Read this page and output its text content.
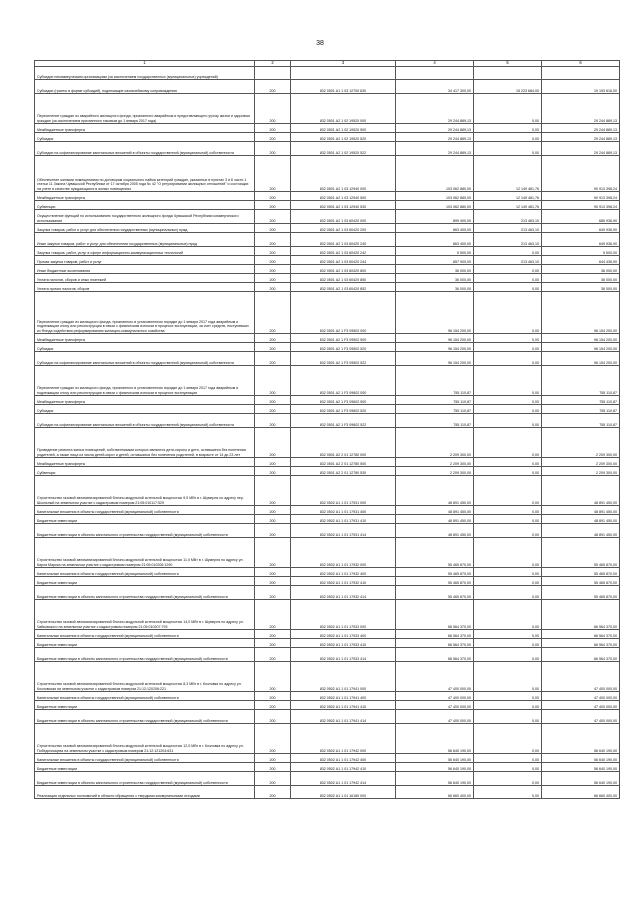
38
1	2	3	4	5	6
Субсидии некоммерческим организациям (за исключением государственных (муниципальных) учреждений)					
Субсидии (гранты в форме субсидий), подлежащие казначейскому сопровождению	200	832 0501 А1 1 03 12700 630	34 417 300,00	15 223 684,00	19 193 616,00
Переселение граждан из аварийного жилищного фонда, признанного аварийным и представляющего угрозу жизни и здоровью граждан (за исключением признанного таковым до 1 января 2017 года)	200	832 0501 А2 1 02 19520 000	29 244 889,13	0,00	29 244 889,13
Межбюджетные трансферты	200	832 0501 А2 1 02 19520 500	29 244 889,13	0,00	29 244 889,13
Субсидии	200	832 0501 А2 1 02 19520 520	29 244 889,13	0,00	29 244 889,13
Субсидии на софинансирование капитальных вложений в объекты государственной (муниципальной) собственности	200	832 0501 А2 1 02 19520 522	29 244 889,13	0,00	29 244 889,13
Обеспечение жилыми помещениями по договорам социального найма категорий граждан, указанных в пунктах 3 и 6 части 1 статьи 11 Закона Чувашской Республики от 17 октября 2005 года № 42 "О регулировании жилищных отношений" и состоящих на учете в качестве нуждающихся в жилых помещениях	200	832 0501 А2 1 03 12940 000	103 062 880,00	12 149 481,76	90 913 398,24
Межбюджетные трансферты	200	832 0501 А2 1 03 12940 500	103 062 880,00	12 149 481,76	90 913 398,24
Субвенции	200	832 0501 А2 1 03 12940 530	103 062 880,00	12 149 481,76	90 913 398,24
Осуществление функций по использованию государственного жилищного фонда Чувашской Республики коммерческого использования	200	832 0501 А2 1 03 60420 000	899 400,00	213 463,10	685 936,90
Закупка товаров, работ и услуг для обеспечения государственных (муниципальных) нужд	200	832 0501 А2 1 03 60420 200	863 400,00	213 463,10	649 936,90
Иные закупки товаров, работ и услуг для обеспечения государственных (муниципальных) нужд	200	832 0501 А2 1 03 60420 240	863 400,00	213 463,10	649 936,90
Закупка товаров, работ, услуг в сфере информационно-коммуникационных технологий	200	832 0501 А2 1 03 60420 242	5 500,00	0,00	5 500,00
Прочая закупка товаров, работ и услуг	200	832 0501 А2 1 03 60420 244	857 900,00	213 463,10	644 436,90
Иные бюджетные ассигнования	200	832 0501 А2 1 03 60420 800	36 000,00	0,00	36 000,00
Уплата налогов, сборов и иных платежей	200	832 0501 А2 1 03 60420 850	36 000,00	0,00	36 000,00
Уплата прочих налогов, сборов	200	832 0501 А2 1 03 60420 852	36 000,00	0,00	36 000,00
Переселение граждан из жилищного фонда, признанного в установленном порядке до 1 января 2017 года аварийным и подлежащим сносу или реконструкции в связи с физическим износом в процессе эксплуатации, за счет средств, поступивших из Фонда содействия реформированию жилищно-коммунального хозяйства	200	832 0501 А2 1 F3 09502 000	96 154 200,00	0,00	96 154 200,00
Межбюджетные трансферты	200	832 0501 А2 1 F3 09502 500	96 154 200,00	0,00	96 154 200,00
Субсидии	200	832 0501 А2 1 F3 09502 520	96 154 200,00	0,00	96 154 200,00
Субсидии на софинансирование капитальных вложений в объекты государственной (муниципальной) собственности	200	832 0501 А2 1 F3 09502 522	96 154 200,00	0,00	96 154 200,00
Переселение граждан из жилищного фонда, признанного в установленном порядке до 1 января 2017 года аварийным и подлежащим сносу или реконструкции в связи с физическим износом в процессе эксплуатации	200	832 0501 А2 1 F3 09602 000	755 110,87	0,00	755 110,87
Межбюджетные трансферты	200	832 0501 А2 1 F3 09602 500	755 110,87	0,00	755 110,87
Субсидии	200	832 0501 А2 1 F3 09602 520	755 110,87	0,00	755 110,87
Субсидии на софинансирование капитальных вложений в объекты государственной (муниципальной) собственности	200	832 0501 А2 1 F3 09602 522	755 110,87	0,00	755 110,87
Проведение ремонта жилых помещений, собственниками которых являются дети-сироты и дети, оставшиеся без попечения родителей, а также лица из числа детей-сирот и детей, оставшихся без попечения родителей, в возрасте от 14 до 23 лет	200	832 0501 А2 2 01 12780 000	2 209 300,00	0,00	2 209 300,00
Межбюджетные трансферты	200	832 0501 А2 2 01 12780 500	2 209 300,00	0,00	2 209 300,00
Субвенции	200	832 0501 А2 2 01 12780 530	2 209 300,00	0,00	2 209 300,00
Строительство газовой автоматизированной блочно-модульной котельной мощностью 9,5 МВт в г. Шумерля по адресу пер. Школьный на земельном участке с кадастровым номером 21:05:010117:529	200	832 0502 А1 1 01 17931 000	48 891 450,00	0,00	48 891 450,00
Капитальные вложения в объекты государственной (муниципальной) собственности	200	832 0502 А1 1 01 17931 400	48 891 450,00	0,00	48 891 450,00
Бюджетные инвестиции	200	832 0502 А1 1 01 17931 410	48 891 450,00	0,00	48 891 450,00
Бюджетные инвестиции в объекты капитального строительства государственной (муниципальной) собственности	200	832 0502 А1 1 01 17931 414	48 891 450,00	0,00	48 891 450,00
Строительство газовой автоматизированной блочно-модульной котельной мощностью 11,0 МВт в г. Шумерля по адресу ул. Карла Маркса на земельном участке с кадастровым номером 21:05:010206:1290	200	832 0502 А1 1 01 17932 000	55 465 870,00	0,00	55 465 870,00
Капитальные вложения в объекты государственной (муниципальной) собственности	200	832 0502 А1 1 01 17932 400	55 465 870,00	0,00	55 465 870,00
Бюджетные инвестиции	200	832 0502 А1 1 01 17932 410	55 465 870,00	0,00	55 465 870,00
Бюджетные инвестиции в объекты капитального строительства государственной (муниципальной) собственности	200	832 0502 А1 1 01 17932 414	55 465 870,00	0,00	55 465 870,00
Строительство газовой автоматизированной блочно-модульной котельной мощностью 14,0 МВт в г. Шумерля по адресу ул. Чайковского на земельном участке с кадастровым номером 21:05:010207:793	200	832 0502 А1 1 01 17933 000	66 564 370,00	0,00	66 564 370,00
Капитальные вложения в объекты государственной (муниципальной) собственности	200	832 0502 А1 1 01 17933 400	66 564 370,00	0,00	66 564 370,00
Бюджетные инвестиции	200	832 0502 А1 1 01 17933 410	66 564 370,00	0,00	66 564 370,00
Бюджетные инвестиции в объекты капитального строительства государственной (муниципальной) собственности	200	832 0502 А1 1 01 17933 414	66 564 370,00	0,00	66 564 370,00
Строительство газовой автоматизированной блочно-модульной котельной мощностью 8,3 МВт в г. Козловка по адресу ул. Козловская на земельном участке с кадастровым номером 21:12:120206:221	200	832 0502 А1 1 01 17941 000	47 400 000,00	0,00	47 400 000,00
Капитальные вложения в объекты государственной (муниципальной) собственности	200	832 0502 А1 1 01 17941 400	47 400 000,00	0,00	47 400 000,00
Бюджетные инвестиции	200	832 0502 А1 1 01 17941 410	47 400 000,00	0,00	47 400 000,00
Бюджетные инвестиции в объекты капитального строительства государственной (муниципальной) собственности	200	832 0502 А1 1 01 17941 414	47 400 000,00	0,00	47 400 000,00
Строительство газовой автоматизированной блочно-модульной котельной мощностью 12,0 МВт в г. Козловка по адресу ул. Победоносцева на земельном участке с кадастровым номером 21:12:121204:631	200	832 0502 А1 1 01 17942 000	56 640 190,00	0,00	56 640 190,00
Капитальные вложения в объекты государственной (муниципальной) собственности	200	832 0502 А1 1 01 17942 400	56 640 190,00	0,00	56 640 190,00
Бюджетные инвестиции	200	832 0502 А1 1 01 17942 410	56 640 190,00	0,00	56 640 190,00
Бюджетные инвестиции в объекты капитального строительства государственной (муниципальной) собственности	200	832 0502 А1 1 01 17942 414	56 640 190,00	0,00	56 640 190,00
Реализация отдельных полномочий в области обращения с твердыми коммунальными отходами	200	832 0502 А1 1 01 16180 000	66 660 400,00	0,00	66 660 400,00
